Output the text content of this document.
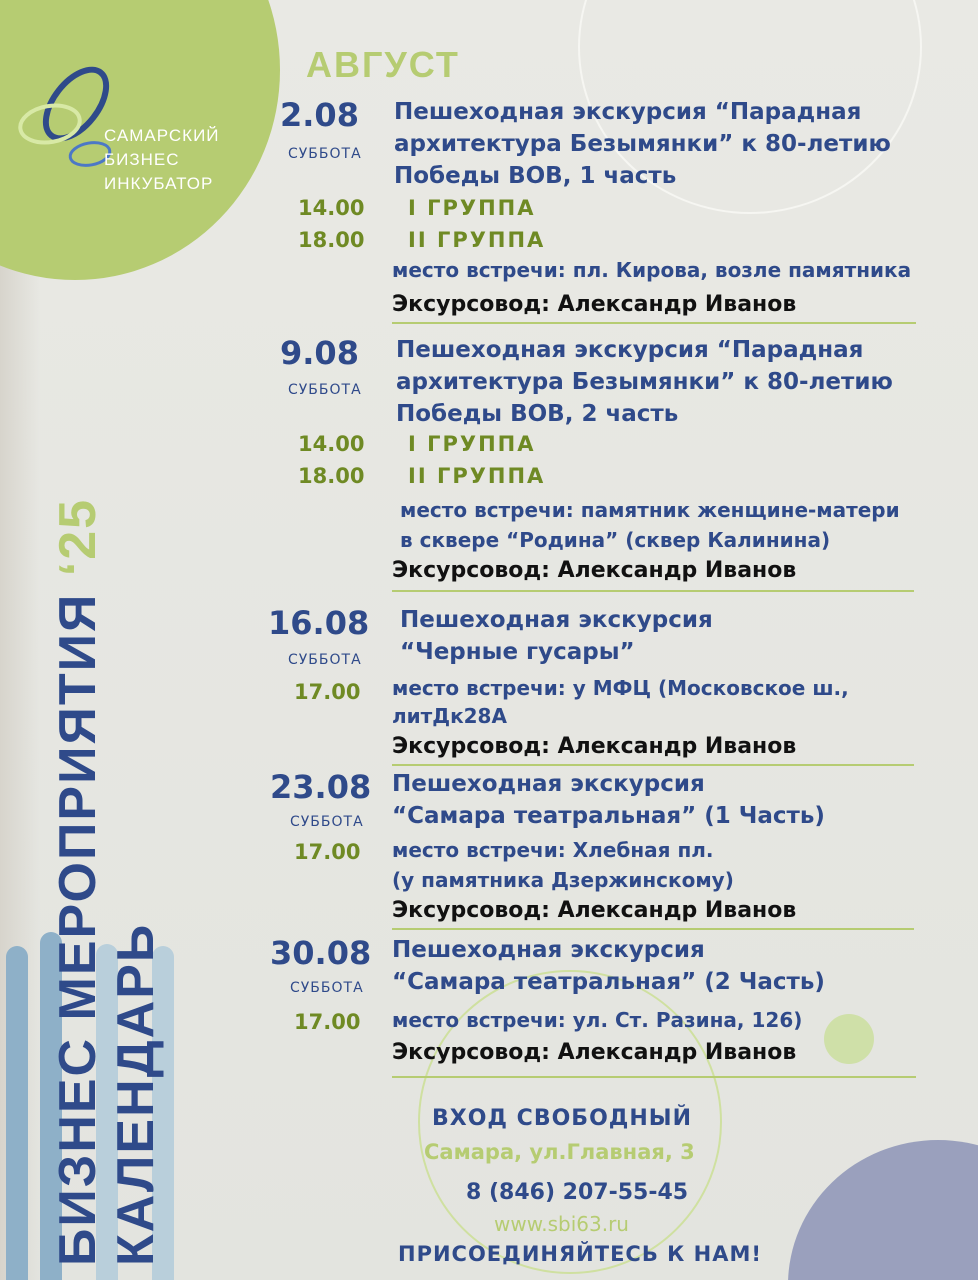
САМАРСКИЙ
БИЗНЕС
ИНКУБАТОР
БИЗНЕС МЕРОПРИЯТИЯ ‘25
КАЛЕНДАРЬ
АВГУСТ
2.08
СУББОТА
Пешеходная экскурсия “Парадная
архитектура Безымянки” к 80-летию
Победы ВОВ, 1 часть
14.00 I ГРУППА
18.00 II ГРУППА
место встречи: пл. Кирова, возле памятника
Эксурсовод: Александр Иванов
9.08
СУББОТА
Пешеходная экскурсия “Парадная
архитектура Безымянки” к 80-летию
Победы ВОВ, 2 часть
14.00 I ГРУППА
18.00 II ГРУППА
место встречи: памятник женщине-матери
в сквере “Родина” (сквер Калинина)
Эксурсовод: Александр Иванов
16.08
СУББОТА
Пешеходная экскурсия
“Черные гусары”
17.00 место встречи: у МФЦ (Московское ш.,
литДк28А
Эксурсовод: Александр Иванов
23.08
СУББОТА
Пешеходная экскурсия
“Самара театральная” (1 Часть)
17.00 место встречи: Хлебная пл.
(у памятника Дзержинскому)
Эксурсовод: Александр Иванов
30.08
СУББОТА
Пешеходная экскурсия
“Самара театральная” (2 Часть)
17.00 место встречи: ул. Ст. Разина, 126)
Эксурсовод: Александр Иванов
ВХОД СВОБОДНЫЙ
Самара, ул.Главная, 3
8 (846) 207-55-45
www.sbi63.ru
ПРИСОЕДИНЯЙТЕСЬ К НАМ!
